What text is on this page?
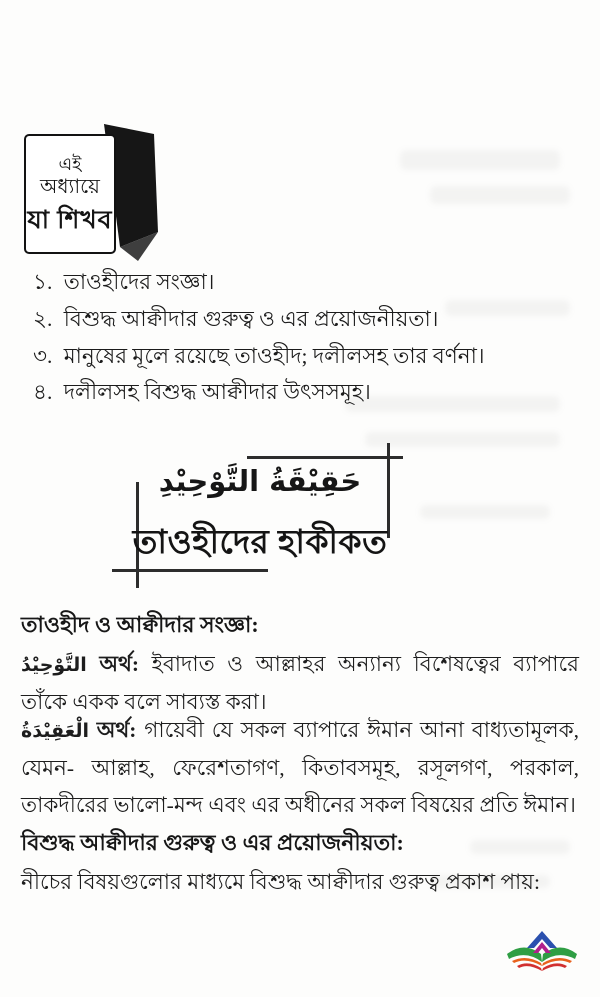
এই
অধ্যায়ে
যা শিখব
১. তাওহীদের সংজ্ঞা।
২. বিশুদ্ধ আক্বীদার গুরুত্ব ও এর প্রয়োজনীয়তা।
৩. মানুষের মূলে রয়েছে তাওহীদ; দলীলসহ তার বর্ণনা।
৪. দলীলসহ বিশুদ্ধ আক্বীদার উৎসসমূহ।
حَقِيْقَةُ التَّوْحِيْدِ
তাওহীদের হাকীকত
তাওহীদ ও আক্বীদার সংজ্ঞা:

التَّوْحِيْدُ অর্থ: ইবাদাত ও আল্লাহর অন্যান্য বিশেষত্বের ব্যাপারে তাঁকে একক বলে সাব্যস্ত করা।

الْعَقِيْدَةُ অর্থ: গায়েবী যে সকল ব্যাপারে ঈমান আনা বাধ্যতামূলক, যেমন- আল্লাহ, ফেরেশতাগণ, কিতাবসমূহ, রসূলগণ, পরকাল, তাকদীরের ভালো-মন্দ এবং এর অধীনের সকল বিষয়ের প্রতি ঈমান।

বিশুদ্ধ আক্বীদার গুরুত্ব ও এর প্রয়োজনীয়তা:

নীচের বিষয়গুলোর মাধ্যমে বিশুদ্ধ আক্বীদার গুরুত্ব প্রকাশ পায়:
